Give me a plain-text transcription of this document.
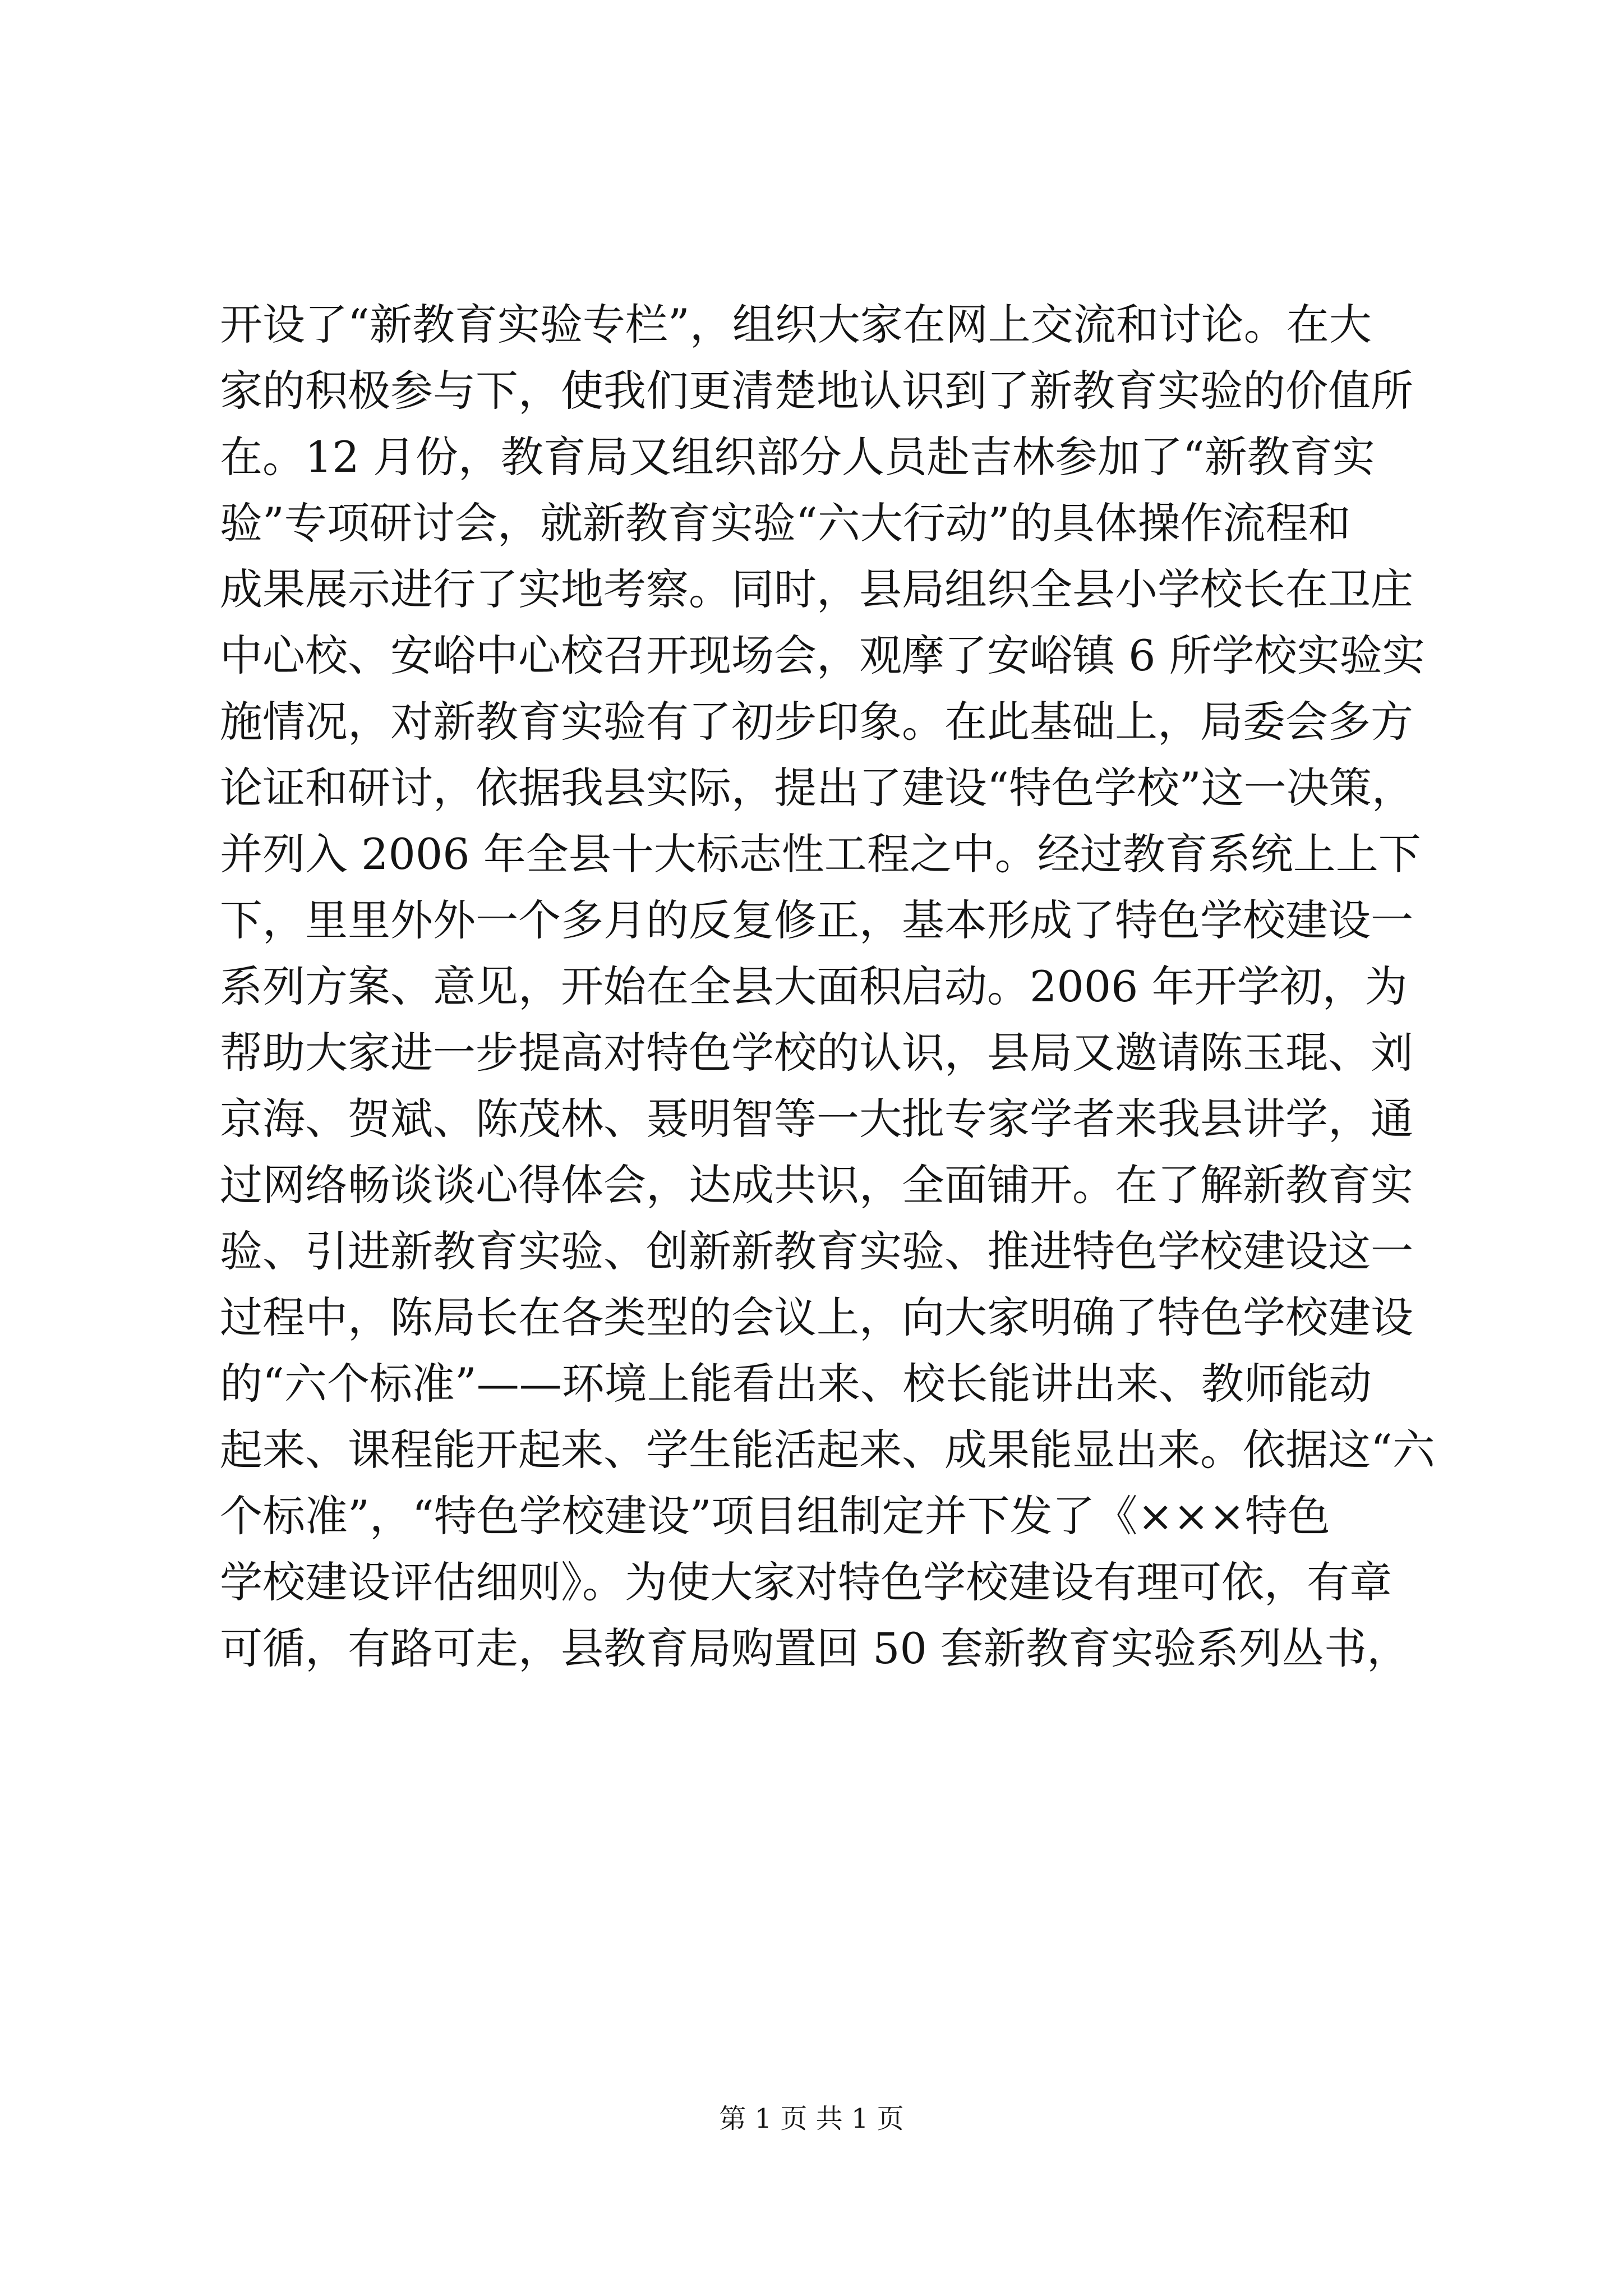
开设了“新教育实验专栏”，组织大家在网上交流和讨论。在大
家的积极参与下，使我们更清楚地认识到了新教育实验的价值所
在。12 月份，教育局又组织部分人员赴吉林参加了“新教育实
验”专项研讨会，就新教育实验“六大行动”的具体操作流程和
成果展示进行了实地考察。同时，县局组织全县小学校长在卫庄
中心校、安峪中心校召开现场会，观摩了安峪镇 6 所学校实验实
施情况，对新教育实验有了初步印象。在此基础上，局委会多方
论证和研讨，依据我县实际，提出了建设“特色学校”这一决策，
并列入 2006 年全县十大标志性工程之中。经过教育系统上上下
下，里里外外一个多月的反复修正，基本形成了特色学校建设一
系列方案、意见，开始在全县大面积启动。2006 年开学初，为
帮助大家进一步提高对特色学校的认识，县局又邀请陈玉琨、刘
京海、贺斌、陈茂林、聂明智等一大批专家学者来我县讲学，通
过网络畅谈谈心得体会，达成共识，全面铺开。在了解新教育实
验、引进新教育实验、创新新教育实验、推进特色学校建设这一
过程中，陈局长在各类型的会议上，向大家明确了特色学校建设
的“六个标准”——环境上能看出来、校长能讲出来、教师能动
起来、课程能开起来、学生能活起来、成果能显出来。依据这“六
个标准”，“特色学校建设”项目组制定并下发了《×××特色
学校建设评估细则》。为使大家对特色学校建设有理可依，有章
可循，有路可走，县教育局购置回 50 套新教育实验系列丛书，
第 1 页 共 1 页
